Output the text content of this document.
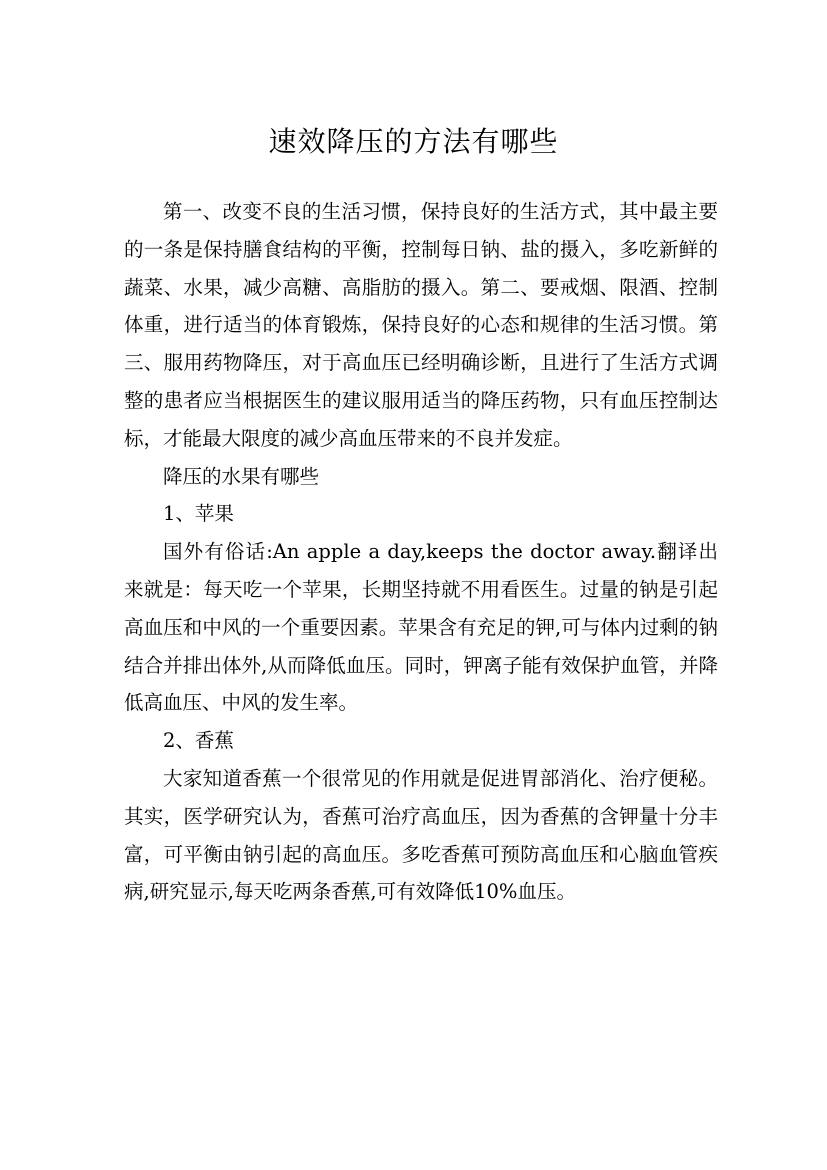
速效降压的方法有哪些

第一、改变不良的生活习惯，保持良好的生活方式，其中最主要的一条是保持膳食结构的平衡，控制每日钠、盐的摄入，多吃新鲜的蔬菜、水果，减少高糖、高脂肪的摄入。第二、要戒烟、限酒、控制体重，进行适当的体育锻炼，保持良好的心态和规律的生活习惯。第三、服用药物降压，对于高血压已经明确诊断，且进行了生活方式调整的患者应当根据医生的建议服用适当的降压药物，只有血压控制达标，才能最大限度的减少高血压带来的不良并发症。

降压的水果有哪些

1、苹果

国外有俗话:An apple a day,keeps the doctor away.翻译出来就是：每天吃一个苹果，长期坚持就不用看医生。过量的钠是引起高血压和中风的一个重要因素。苹果含有充足的钾,可与体内过剩的钠结合并排出体外,从而降低血压。同时，钾离子能有效保护血管，并降低高血压、中风的发生率。

2、香蕉

大家知道香蕉一个很常见的作用就是促进胃部消化、治疗便秘。其实，医学研究认为，香蕉可治疗高血压，因为香蕉的含钾量十分丰富，可平衡由钠引起的高血压。多吃香蕉可预防高血压和心脑血管疾病,研究显示,每天吃两条香蕉,可有效降低10%血压。
